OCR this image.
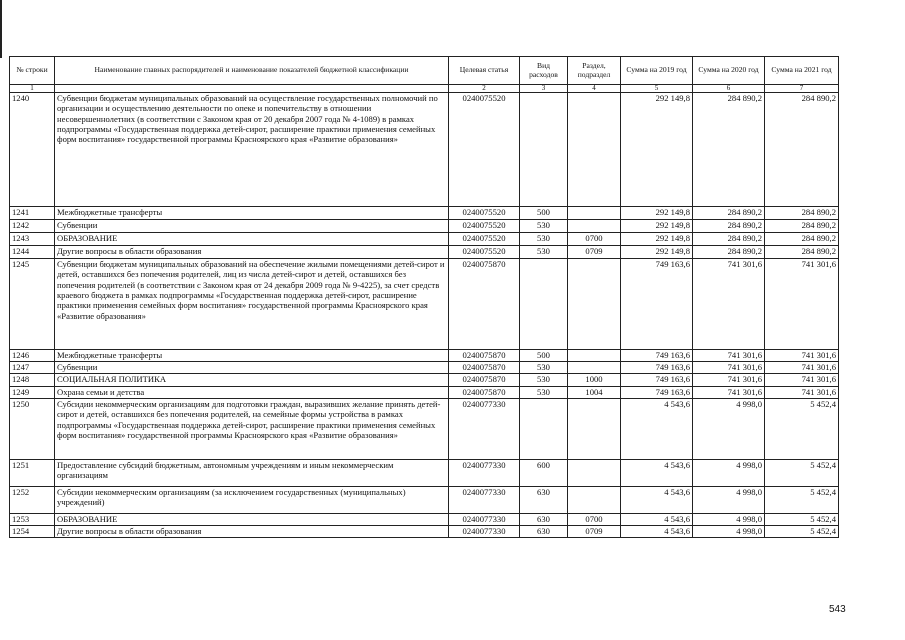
№ строки	Наименование главных распорядителей и наименование показателей бюджетной классификации	Целевая статья	Вид расходов	Раздел, подраздел	Сумма на 2019 год	Сумма на 2020 год	Сумма на 2021 год
1		2	3	4	5	6	7
1240	Субвенции бюджетам муниципальных образований на осуществление государственных полномочий по организации и осуществлению деятельности по опеке и попечительству в отношении несовершеннолетних (в соответствии с Законом края от 20 декабря 2007 года № 4-1089) в рамках подпрограммы «Государственная поддержка детей-сирот, расширение практики применения семейных форм воспитания» государственной программы Красноярского края «Развитие образования»	0240075520			292 149,8	284 890,2	284 890,2
1241	Межбюджетные трансферты	0240075520	500		292 149,8	284 890,2	284 890,2
1242	Субвенции	0240075520	530		292 149,8	284 890,2	284 890,2
1243	ОБРАЗОВАНИЕ	0240075520	530	0700	292 149,8	284 890,2	284 890,2
1244	Другие вопросы в области образования	0240075520	530	0709	292 149,8	284 890,2	284 890,2
1245	Субвенции бюджетам муниципальных образований на обеспечение жилыми помещениями детей-сирот и детей, оставшихся без попечения родителей, лиц из числа детей-сирот и детей, оставшихся без попечения родителей (в соответствии с Законом края от 24 декабря 2009 года № 9-4225), за счет средств краевого бюджета в рамках подпрограммы «Государственная поддержка детей-сирот, расширение практики применения семейных форм воспитания» государственной программы Красноярского края «Развитие образования»	0240075870			749 163,6	741 301,6	741 301,6
1246	Межбюджетные трансферты	0240075870	500		749 163,6	741 301,6	741 301,6
1247	Субвенции	0240075870	530		749 163,6	741 301,6	741 301,6
1248	СОЦИАЛЬНАЯ ПОЛИТИКА	0240075870	530	1000	749 163,6	741 301,6	741 301,6
1249	Охрана семьи и детства	0240075870	530	1004	749 163,6	741 301,6	741 301,6
1250	Субсидии некоммерческим организациям для подготовки граждан, выразивших желание принять детей-сирот и детей, оставшихся без попечения родителей, на семейные формы устройства в рамках подпрограммы «Государственная поддержка детей-сирот, расширение практики применения семейных форм воспитания» государственной программы Красноярского края «Развитие образования»	0240077330			4 543,6	4 998,0	5 452,4
1251	Предоставление субсидий бюджетным, автономным учреждениям и иным некоммерческим организациям	0240077330	600		4 543,6	4 998,0	5 452,4
1252	Субсидии некоммерческим организациям (за исключением государственных (муниципальных) учреждений)	0240077330	630		4 543,6	4 998,0	5 452,4
1253	ОБРАЗОВАНИЕ	0240077330	630	0700	4 543,6	4 998,0	5 452,4
1254	Другие вопросы в области образования	0240077330	630	0709	4 543,6	4 998,0	5 452,4
543
